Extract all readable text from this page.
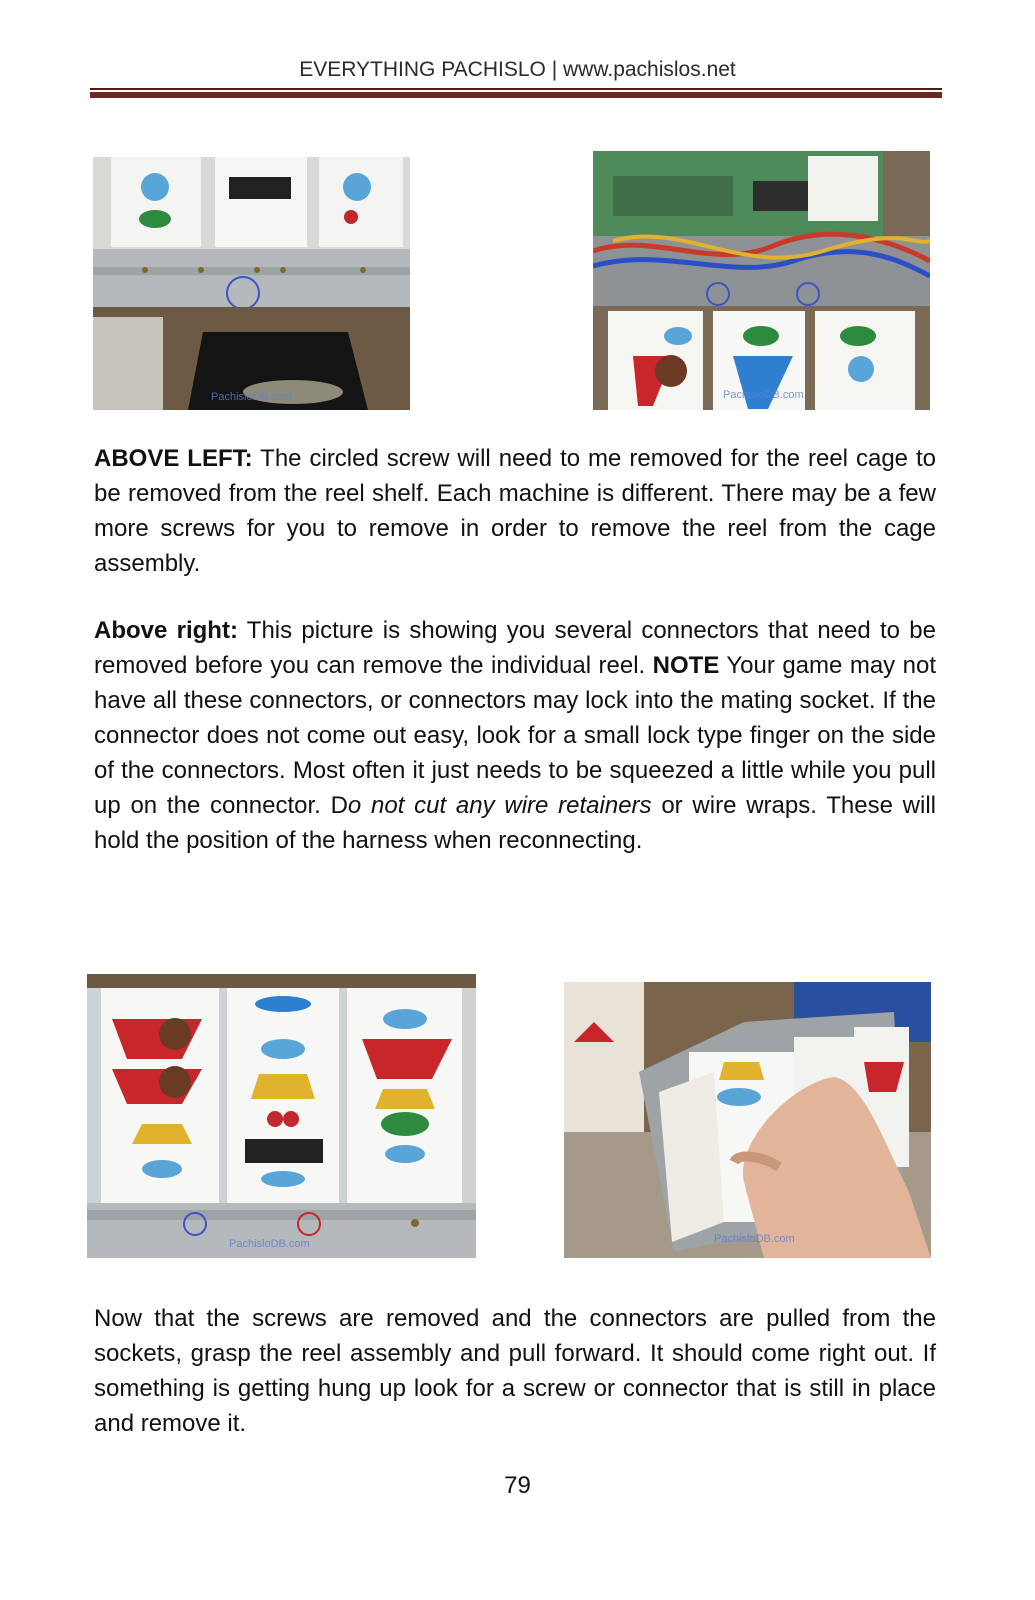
EVERYTHING PACHISLO | www.pachislos.net
PachisloDB.com	PachisloDB.com
ABOVE LEFT: The circled screw will need to me removed for the reel cage to be removed from the reel shelf. Each machine is different. There may be a few more screws for you to remove in order to remove the reel from the cage assembly.
Above right: This picture is showing you several connectors that need to be removed before you can remove the individual reel. NOTE Your game may not have all these connectors, or connectors may lock into the mating socket. If the connector does not come out easy, look for a small lock type finger on the side of the connectors. Most often it just needs to be squeezed a little while you pull up on the connector. Do not cut any wire retainers or wire wraps. These will hold the position of the harness when reconnecting.
PachisloDB.com	PachisloDB.com
Now that the screws are removed and the connectors are pulled from the sockets, grasp the reel assembly and pull forward. It should come right out. If something is getting hung up look for a screw or connector that is still in place and remove it.
79
